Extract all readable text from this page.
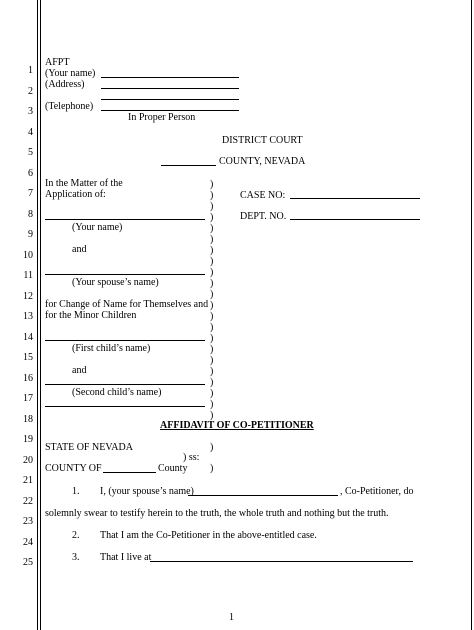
1
2
3
4
5
6
7
8
9
10
11
12
13
14
15
16
17
18
19
20
21
22
23
24
25
AFPT
(Your name)
(Address)
(Telephone)
In Proper Person
DISTRICT COURT
COUNTY, NEVADA
In the Matter of the
Application of:
(Your name)
and
(Your spouse’s name)
for Change of Name for Themselves and
for the Minor Children
(First child’s name)
and
(Second child’s name)
)
)
)
)
)
)
)
)
)
)
)
)
)
)
)
)
)
)
)
)
)
)
CASE NO:
DEPT. NO.
AFFIDAVIT OF CO-PETITIONER
STATE OF NEVADA
) ss:
COUNTY OF	County
)
)
1. I, (your spouse’s name)	, Co-Petitioner, do
solemnly swear to testify herein to the truth, the whole truth and nothing but the truth.
2. That I am the Co-Petitioner in the above-entitled case.
3. That I live at
1
